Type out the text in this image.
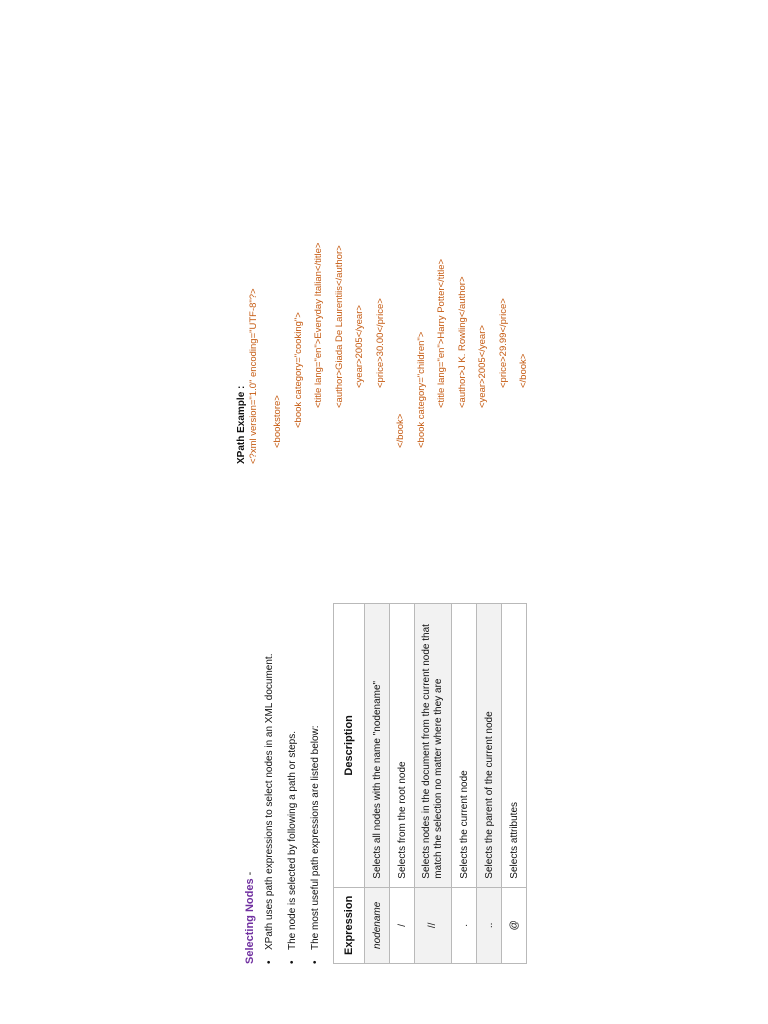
Selecting Nodes -

•
XPath uses path expressions to select nodes in an XML document.
•
The node is selected by following a path or steps.
•
The most useful path expressions are listed below: Expression	Description
nodename	Selects all nodes with the name "nodename"
/	Selects from the root node
//	Selects nodes in the document from the current node that match the selection no matter where they are
.	Selects the current node
..	Selects the parent of the current node
@	Selects attributes
XPath Example : <?xml version="1.0" encoding="UTF-8"?>	<bookstore>	<book category="cooking">	<title lang="en">Everyday Italian</title>	<author>Giada De Laurentiis</author>	<year>2005</year>	<price>30.00</price>
</book>	<book category="children">	<title lang="en">Harry Potter</title>	<author>J K. Rowling</author>	<year>2005</year>	<price>29.99</price>	</book>
